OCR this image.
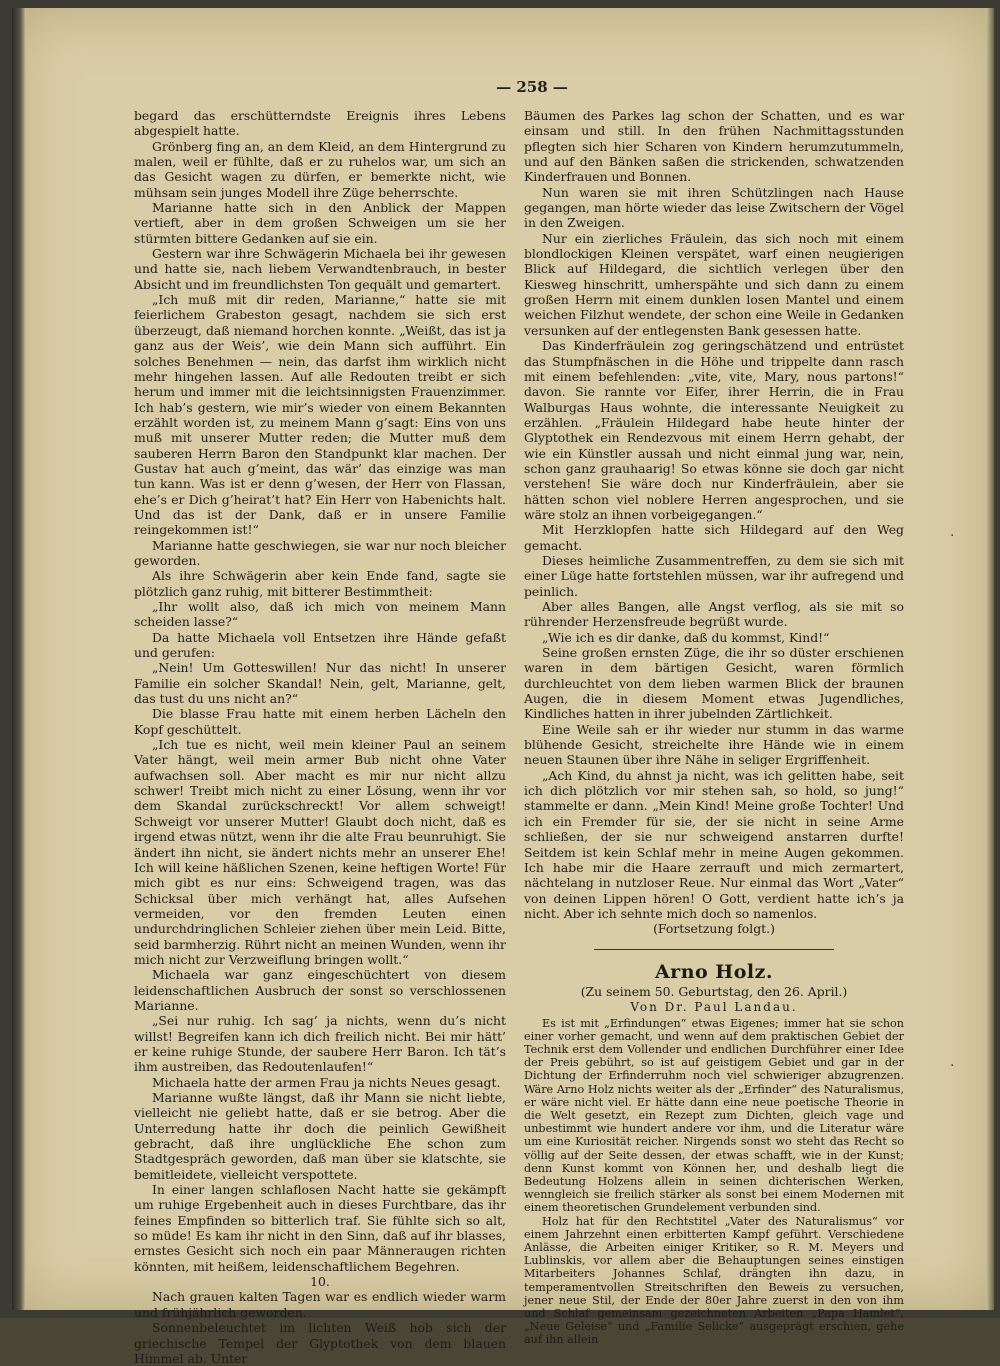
— 258 —

begard das erschütterndste Ereignis ihres Lebens abgespielt hatte.

Grönberg fing an, an dem Kleid, an dem Hintergrund zu malen, weil er fühlte, daß er zu ruhelos war, um sich an das Gesicht wagen zu dürfen, er bemerkte nicht, wie mühsam sein junges Modell ihre Züge beherrschte.

Marianne hatte sich in den Anblick der Mappen vertieft, aber in dem großen Schweigen um sie her stürmten bittere Gedanken auf sie ein.

Gestern war ihre Schwägerin Michaela bei ihr gewesen und hatte sie, nach liebem Verwandtenbrauch, in bester Absicht und im freundlichsten Ton gequält und gemartert.

„Ich muß mit dir reden, Marianne,“ hatte sie mit feierlichem Grabeston gesagt, nachdem sie sich erst überzeugt, daß niemand horchen konnte. „Weißt, das ist ja ganz aus der Weis’, wie dein Mann sich aufführt. Ein solches Benehmen — nein, das darfst ihm wirklich nicht mehr hingehen lassen. Auf alle Redouten treibt er sich herum und immer mit die leichtsinnigsten Frauenzimmer. Ich hab’s gestern, wie mir’s wieder von einem Bekannten erzählt worden ist, zu meinem Mann g’sagt: Eins von uns muß mit unserer Mutter reden; die Mutter muß dem sauberen Herrn Baron den Standpunkt klar machen. Der Gustav hat auch g’meint, das wär’ das einzige was man tun kann. Was ist er denn g’wesen, der Herr von Flassan, ehe’s er Dich g’heirat’t hat? Ein Herr von Habenichts halt. Und das ist der Dank, daß er in unsere Familie reingekommen ist!“

Marianne hatte geschwiegen, sie war nur noch bleicher geworden.

Als ihre Schwägerin aber kein Ende fand, sagte sie plötzlich ganz ruhig, mit bitterer Bestimmtheit:

„Ihr wollt also, daß ich mich von meinem Mann scheiden lasse?“

Da hatte Michaela voll Entsetzen ihre Hände gefaßt und gerufen:

„Nein! Um Gotteswillen! Nur das nicht! In unserer Familie ein solcher Skandal! Nein, gelt, Marianne, gelt, das tust du uns nicht an?“

Die blasse Frau hatte mit einem herben Lächeln den Kopf geschüttelt.

„Ich tue es nicht, weil mein kleiner Paul an seinem Vater hängt, weil mein armer Bub nicht ohne Vater aufwachsen soll. Aber macht es mir nur nicht allzu schwer! Treibt mich nicht zu einer Lösung, wenn ihr vor dem Skandal zurückschreckt! Vor allem schweigt! Schweigt vor unserer Mutter! Glaubt doch nicht, daß es irgend etwas nützt, wenn ihr die alte Frau beunruhigt. Sie ändert ihn nicht, sie ändert nichts mehr an unserer Ehe! Ich will keine häßlichen Szenen, keine heftigen Worte! Für mich gibt es nur eins: Schweigend tragen, was das Schicksal über mich verhängt hat, alles Aufsehen vermeiden, vor den fremden Leuten einen undurchdringlichen Schleier ziehen über mein Leid. Bitte, seid barmherzig. Rührt nicht an meinen Wunden, wenn ihr mich nicht zur Verzweiflung bringen wollt.“

Michaela war ganz eingeschüchtert von diesem leidenschaftlichen Ausbruch der sonst so verschlossenen Marianne.

„Sei nur ruhig. Ich sag’ ja nichts, wenn du’s nicht willst! Begreifen kann ich dich freilich nicht. Bei mir hätt’ er keine ruhige Stunde, der saubere Herr Baron. Ich tät’s ihm austreiben, das Redoutenlaufen!“

Michaela hatte der armen Frau ja nichts Neues gesagt.

Marianne wußte längst, daß ihr Mann sie nicht liebte, vielleicht nie geliebt hatte, daß er sie betrog. Aber die Unterredung hatte ihr doch die peinlich Gewißheit gebracht, daß ihre unglückliche Ehe schon zum Stadtgespräch geworden, daß man über sie klatschte, sie bemitleidete, vielleicht verspottete.

In einer langen schlaflosen Nacht hatte sie gekämpft um ruhige Ergebenheit auch in dieses Furchtbare, das ihr feines Empfinden so bitterlich traf. Sie fühlte sich so alt, so müde! Es kam ihr nicht in den Sinn, daß auf ihr blasses, ernstes Gesicht sich noch ein paar Männeraugen richten könnten, mit heißem, leidenschaftlichem Begehren.

10.

Nach grauen kalten Tagen war es endlich wieder warm und frühjährlich geworden.

Sonnenbeleuchtet im lichten Weiß hob sich der griechische Tempel der Glyptothek von dem blauen Himmel ab. Unter

Bäumen des Parkes lag schon der Schatten, und es war einsam und still. In den frühen Nachmittagsstunden pflegten sich hier Scharen von Kindern herumzutummeln, und auf den Bänken saßen die strickenden, schwatzenden Kinderfrauen und Bonnen.

Nun waren sie mit ihren Schützlingen nach Hause gegangen, man hörte wieder das leise Zwitschern der Vögel in den Zweigen.

Nur ein zierliches Fräulein, das sich noch mit einem blondlockigen Kleinen verspätet, warf einen neugierigen Blick auf Hildegard, die sichtlich verlegen über den Kiesweg hinschritt, umherspähte und sich dann zu einem großen Herrn mit einem dunklen losen Mantel und einem weichen Filzhut wendete, der schon eine Weile in Gedanken versunken auf der entlegensten Bank gesessen hatte.

Das Kinderfräulein zog geringschätzend und entrüstet das Stumpfnäschen in die Höhe und trippelte dann rasch mit einem befehlenden: „vite, vite, Mary, nous partons!“ davon. Sie rannte vor Eifer, ihrer Herrin, die in Frau Walburgas Haus wohnte, die interessante Neuigkeit zu erzählen. „Fräulein Hildegard habe heute hinter der Glyptothek ein Rendezvous mit einem Herrn gehabt, der wie ein Künstler aussah und nicht einmal jung war, nein, schon ganz grauhaarig! So etwas könne sie doch gar nicht verstehen! Sie wäre doch nur Kinderfräulein, aber sie hätten schon viel noblere Herren angesprochen, und sie wäre stolz an ihnen vorbeigegangen.“

Mit Herzklopfen hatte sich Hildegard auf den Weg gemacht.

Dieses heimliche Zusammentreffen, zu dem sie sich mit einer Lüge hatte fortstehlen müssen, war ihr aufregend und peinlich.

Aber alles Bangen, alle Angst verflog, als sie mit so rührender Herzensfreude begrüßt wurde.

„Wie ich es dir danke, daß du kommst, Kind!“

Seine großen ernsten Züge, die ihr so düster erschienen waren in dem bärtigen Gesicht, waren förmlich durchleuchtet von dem lieben warmen Blick der braunen Augen, die in diesem Moment etwas Jugendliches, Kindliches hatten in ihrer jubelnden Zärtlichkeit.

Eine Weile sah er ihr wieder nur stumm in das warme blühende Gesicht, streichelte ihre Hände wie in einem neuen Staunen über ihre Nähe in seliger Ergriffenheit.

„Ach Kind, du ahnst ja nicht, was ich gelitten habe, seit ich dich plötzlich vor mir stehen sah, so hold, so jung!“ stammelte er dann. „Mein Kind! Meine große Tochter! Und ich ein Fremder für sie, der sie nicht in seine Arme schließen, der sie nur schweigend anstarren durfte! Seitdem ist kein Schlaf mehr in meine Augen gekommen. Ich habe mir die Haare zerrauft und mich zermartert, nächtelang in nutzloser Reue. Nur einmal das Wort „Vater“ von deinen Lippen hören! O Gott, verdient hatte ich’s ja nicht. Aber ich sehnte mich doch so namenlos.

(Fortsetzung folgt.)

Arno Holz.
(Zu seinem 50. Geburtstag, den 26. April.)
Von Dr. Paul Landau.

Es ist mit „Erfindungen“ etwas Eigenes; immer hat sie schon einer vorher gemacht, und wenn auf dem praktischen Gebiet der Technik erst dem Vollender und endlichen Durchführer einer Idee der Preis gebührt, so ist auf geistigem Gebiet und gar in der Dichtung der Erfinderruhm noch viel schwieriger abzugrenzen. Wäre Arno Holz nichts weiter als der „Erfinder“ des Naturalismus, er wäre nicht viel. Er hätte dann eine neue poetische Theorie in die Welt gesetzt, ein Rezept zum Dichten, gleich vage und unbestimmt wie hundert andere vor ihm, und die Literatur wäre um eine Kuriosität reicher. Nirgends sonst wo steht das Recht so völlig auf der Seite dessen, der etwas schafft, wie in der Kunst; denn Kunst kommt von Können her, und deshalb liegt die Bedeutung Holzens allein in seinen dichterischen Werken, wenngleich sie freilich stärker als sonst bei einem Modernen mit einem theoretischen Grundelement verbunden sind.

Holz hat für den Rechtstitel „Vater des Naturalismus“ vor einem Jahrzehnt einen erbitterten Kampf geführt. Verschiedene Anlässe, die Arbeiten einiger Kritiker, so R. M. Meyers und Lublinskis, vor allem aber die Behauptungen seines einstigen Mitarbeiters Johannes Schlaf, drängten ihn dazu, in temperamentvollen Streitschriften den Beweis zu versuchen, jener neue Stil, der Ende der 80er Jahre zuerst in den von ihm und Schlaf gemeinsam gezeichneten Arbeiten „Papa Hamlet“, „Neue Geleise“ und „Familie Selicke“ ausgeprägt erschien, gehe auf ihn allein

·
·
